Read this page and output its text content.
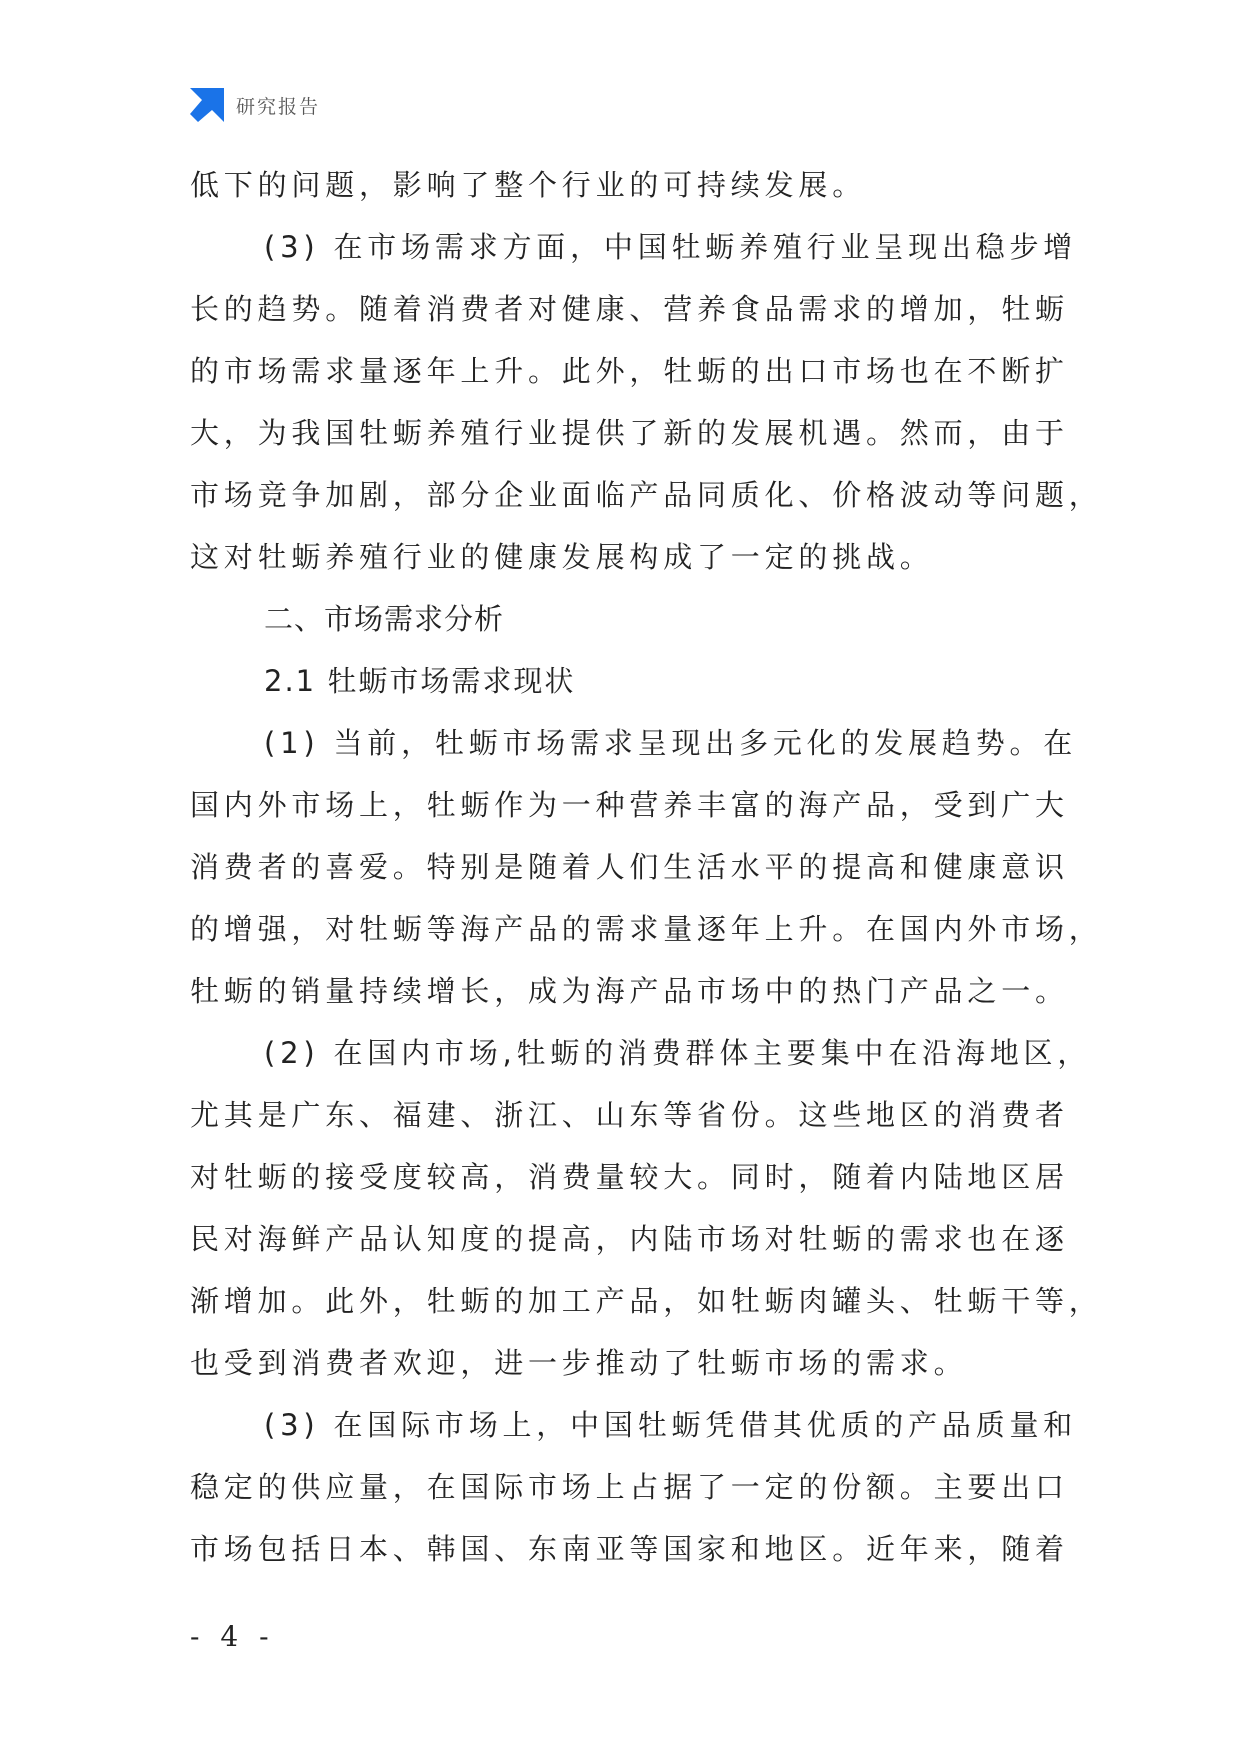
研究报告
低下的问题，影响了整个行业的可持续发展。
(3) 在市场需求方面，中国牡蛎养殖行业呈现出稳步增
长的趋势。随着消费者对健康、营养食品需求的增加，牡蛎
的市场需求量逐年上升。此外，牡蛎的出口市场也在不断扩
大，为我国牡蛎养殖行业提供了新的发展机遇。然而，由于
市场竞争加剧，部分企业面临产品同质化、价格波动等问题，
这对牡蛎养殖行业的健康发展构成了一定的挑战。
二、市场需求分析
2.1 牡蛎市场需求现状
(1) 当前，牡蛎市场需求呈现出多元化的发展趋势。在
国内外市场上，牡蛎作为一种营养丰富的海产品，受到广大
消费者的喜爱。特别是随着人们生活水平的提高和健康意识
的增强，对牡蛎等海产品的需求量逐年上升。在国内外市场，
牡蛎的销量持续增长，成为海产品市场中的热门产品之一。
(2) 在国内市场,牡蛎的消费群体主要集中在沿海地区，
尤其是广东、福建、浙江、山东等省份。这些地区的消费者
对牡蛎的接受度较高，消费量较大。同时，随着内陆地区居
民对海鲜产品认知度的提高，内陆市场对牡蛎的需求也在逐
渐增加。此外，牡蛎的加工产品，如牡蛎肉罐头、牡蛎干等，
也受到消费者欢迎，进一步推动了牡蛎市场的需求。
(3) 在国际市场上，中国牡蛎凭借其优质的产品质量和
稳定的供应量，在国际市场上占据了一定的份额。主要出口
市场包括日本、韩国、东南亚等国家和地区。近年来，随着
- 4 -
